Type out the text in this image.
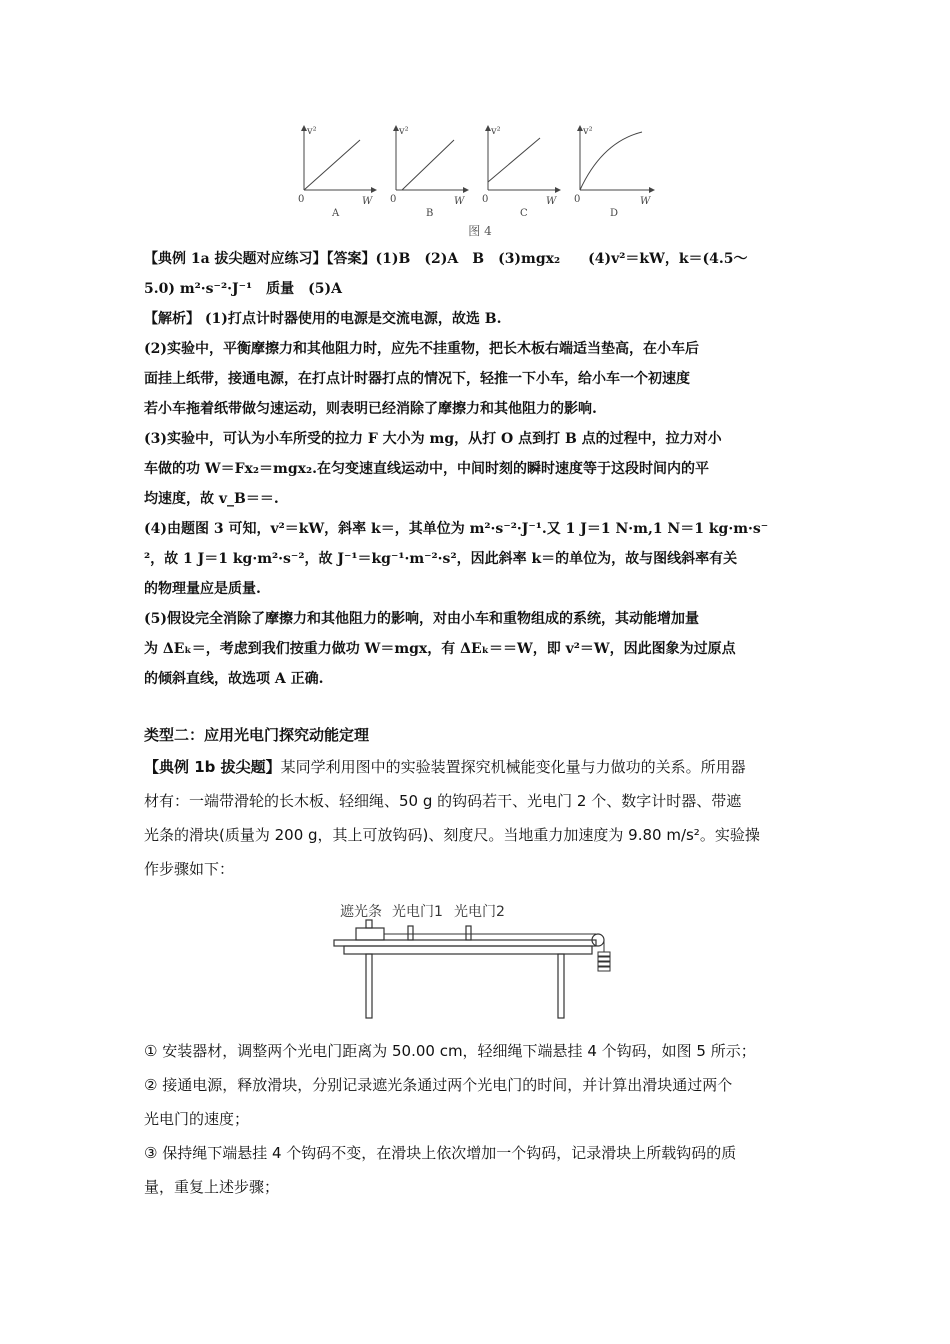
v²
W
0
A
v²
W
0
B
v²
W
0
C
v²
W
0
D
图 4
【典例 1a 拔尖题对应练习】【答案】(1)B　(2)A　B　(3)mgx₂　　(4)v²＝kW，k＝(4.5～
5.0) m²·s⁻²·J⁻¹　质量　(5)A
【解析】 (1)打点计时器使用的电源是交流电源，故选 B.
(2)实验中，平衡摩擦力和其他阻力时，应先不挂重物，把长木板右端适当垫高，在小车后
面挂上纸带，接通电源，在打点计时器打点的情况下，轻推一下小车，给小车一个初速度
若小车拖着纸带做匀速运动，则表明已经消除了摩擦力和其他阻力的影响.
(3)实验中，可认为小车所受的拉力 F 大小为 mg，从打 O 点到打 B 点的过程中，拉力对小
车做的功 W＝Fx₂＝mgx₂.在匀变速直线运动中，中间时刻的瞬时速度等于这段时间内的平
均速度，故 v_B＝＝.
(4)由题图 3 可知，v²＝kW，斜率 k＝，其单位为 m²·s⁻²·J⁻¹.又 1 J＝1 N·m,1 N＝1 kg·m·s⁻
²，故 1 J＝1 kg·m²·s⁻²，故 J⁻¹＝kg⁻¹·m⁻²·s²，因此斜率 k＝的单位为，故与图线斜率有关
的物理量应是质量.
(5)假设完全消除了摩擦力和其他阻力的影响，对由小车和重物组成的系统，其动能增加量
为 ΔEₖ＝，考虑到我们按重力做功 W＝mgx，有 ΔEₖ＝＝W，即 v²＝W，因此图象为过原点
的倾斜直线，故选项 A 正确.
类型二：应用光电门探究动能定理
【典例 1b 拔尖题】某同学利用图中的实验装置探究机械能变化量与力做功的关系。所用器
材有：一端带滑轮的长木板、轻细绳、50 g 的钩码若干、光电门 2 个、数字计时器、带遮
光条的滑块(质量为 200 g，其上可放钩码)、刻度尺。当地重力加速度为 9.80 m/s²。实验操
作步骤如下：
遮光条 光电门1 光电门2
① 安装器材，调整两个光电门距离为 50.00 cm，轻细绳下端悬挂 4 个钩码，如图 5 所示；
② 接通电源，释放滑块，分别记录遮光条通过两个光电门的时间，并计算出滑块通过两个
光电门的速度；
③ 保持绳下端悬挂 4 个钩码不变，在滑块上依次增加一个钩码，记录滑块上所载钩码的质
量，重复上述步骤；
